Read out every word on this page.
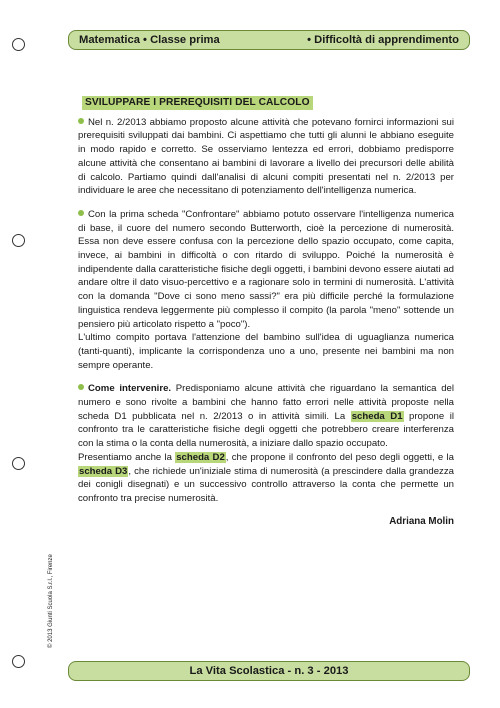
Matematica • Classe prima	• Difficoltà di apprendimento
© 2013 Giunti Scuola S.r.l., Firenze
SVILUPPARE I PREREQUISITI DEL CALCOLO

Nel n. 2/2013 abbiamo proposto alcune attività che potevano fornirci informazioni sui prerequisiti sviluppati dai bambini. Ci aspettiamo che tutti gli alunni le abbiano eseguite in modo rapido e corretto. Se osserviamo lentezza ed errori, dobbiamo predisporre alcune attività che consentano ai bambini di lavorare a livello dei precursori delle abilità di calcolo. Partiamo quindi dall'analisi di alcuni compiti presentati nel n. 2/2013 per individuare le aree che necessitano di potenziamento dell'intelligenza numerica.

Con la prima scheda "Confrontare" abbiamo potuto osservare l'intelligenza numerica di base, il cuore del numero secondo Butterworth, cioè la percezione di numerosità. Essa non deve essere confusa con la percezione dello spazio occupato, come capita, invece, ai bambini in difficoltà o con ritardo di sviluppo. Poiché la numerosità è indipendente dalla caratteristiche fisiche degli oggetti, i bambini devono essere aiutati ad andare oltre il dato visuo-percettivo e a ragionare solo in termini di numerosità. L'attività con la domanda "Dove ci sono meno sassi?" era più difficile perché la formulazione linguistica rendeva leggermente più complesso il compito (la parola "meno" sottende un pensiero più articolato rispetto a "poco").

L'ultimo compito portava l'attenzione del bambino sull'idea di uguaglianza numerica (tanti-quanti), implicante la corrispondenza uno a uno, presente nei bambini ma non sempre operante.

Come intervenire. Predisponiamo alcune attività che riguardano la semantica del numero e sono rivolte a bambini che hanno fatto errori nelle attività proposte nella scheda D1 pubblicata nel n. 2/2013 o in attività simili. La scheda D1 propone il confronto tra le caratteristiche fisiche degli oggetti che potrebbero creare interferenza con la stima o la conta della numerosità, a iniziare dallo spazio occupato.

Presentiamo anche la scheda D2, che propone il confronto del peso degli oggetti, e la scheda D3, che richiede un'iniziale stima di numerosità (a prescindere dalla grandezza dei conigli disegnati) e un successivo controllo attraverso la conta che permette un confronto tra precise numerosità.

Adriana Molin
La Vita Scolastica - n. 3 - 2013
